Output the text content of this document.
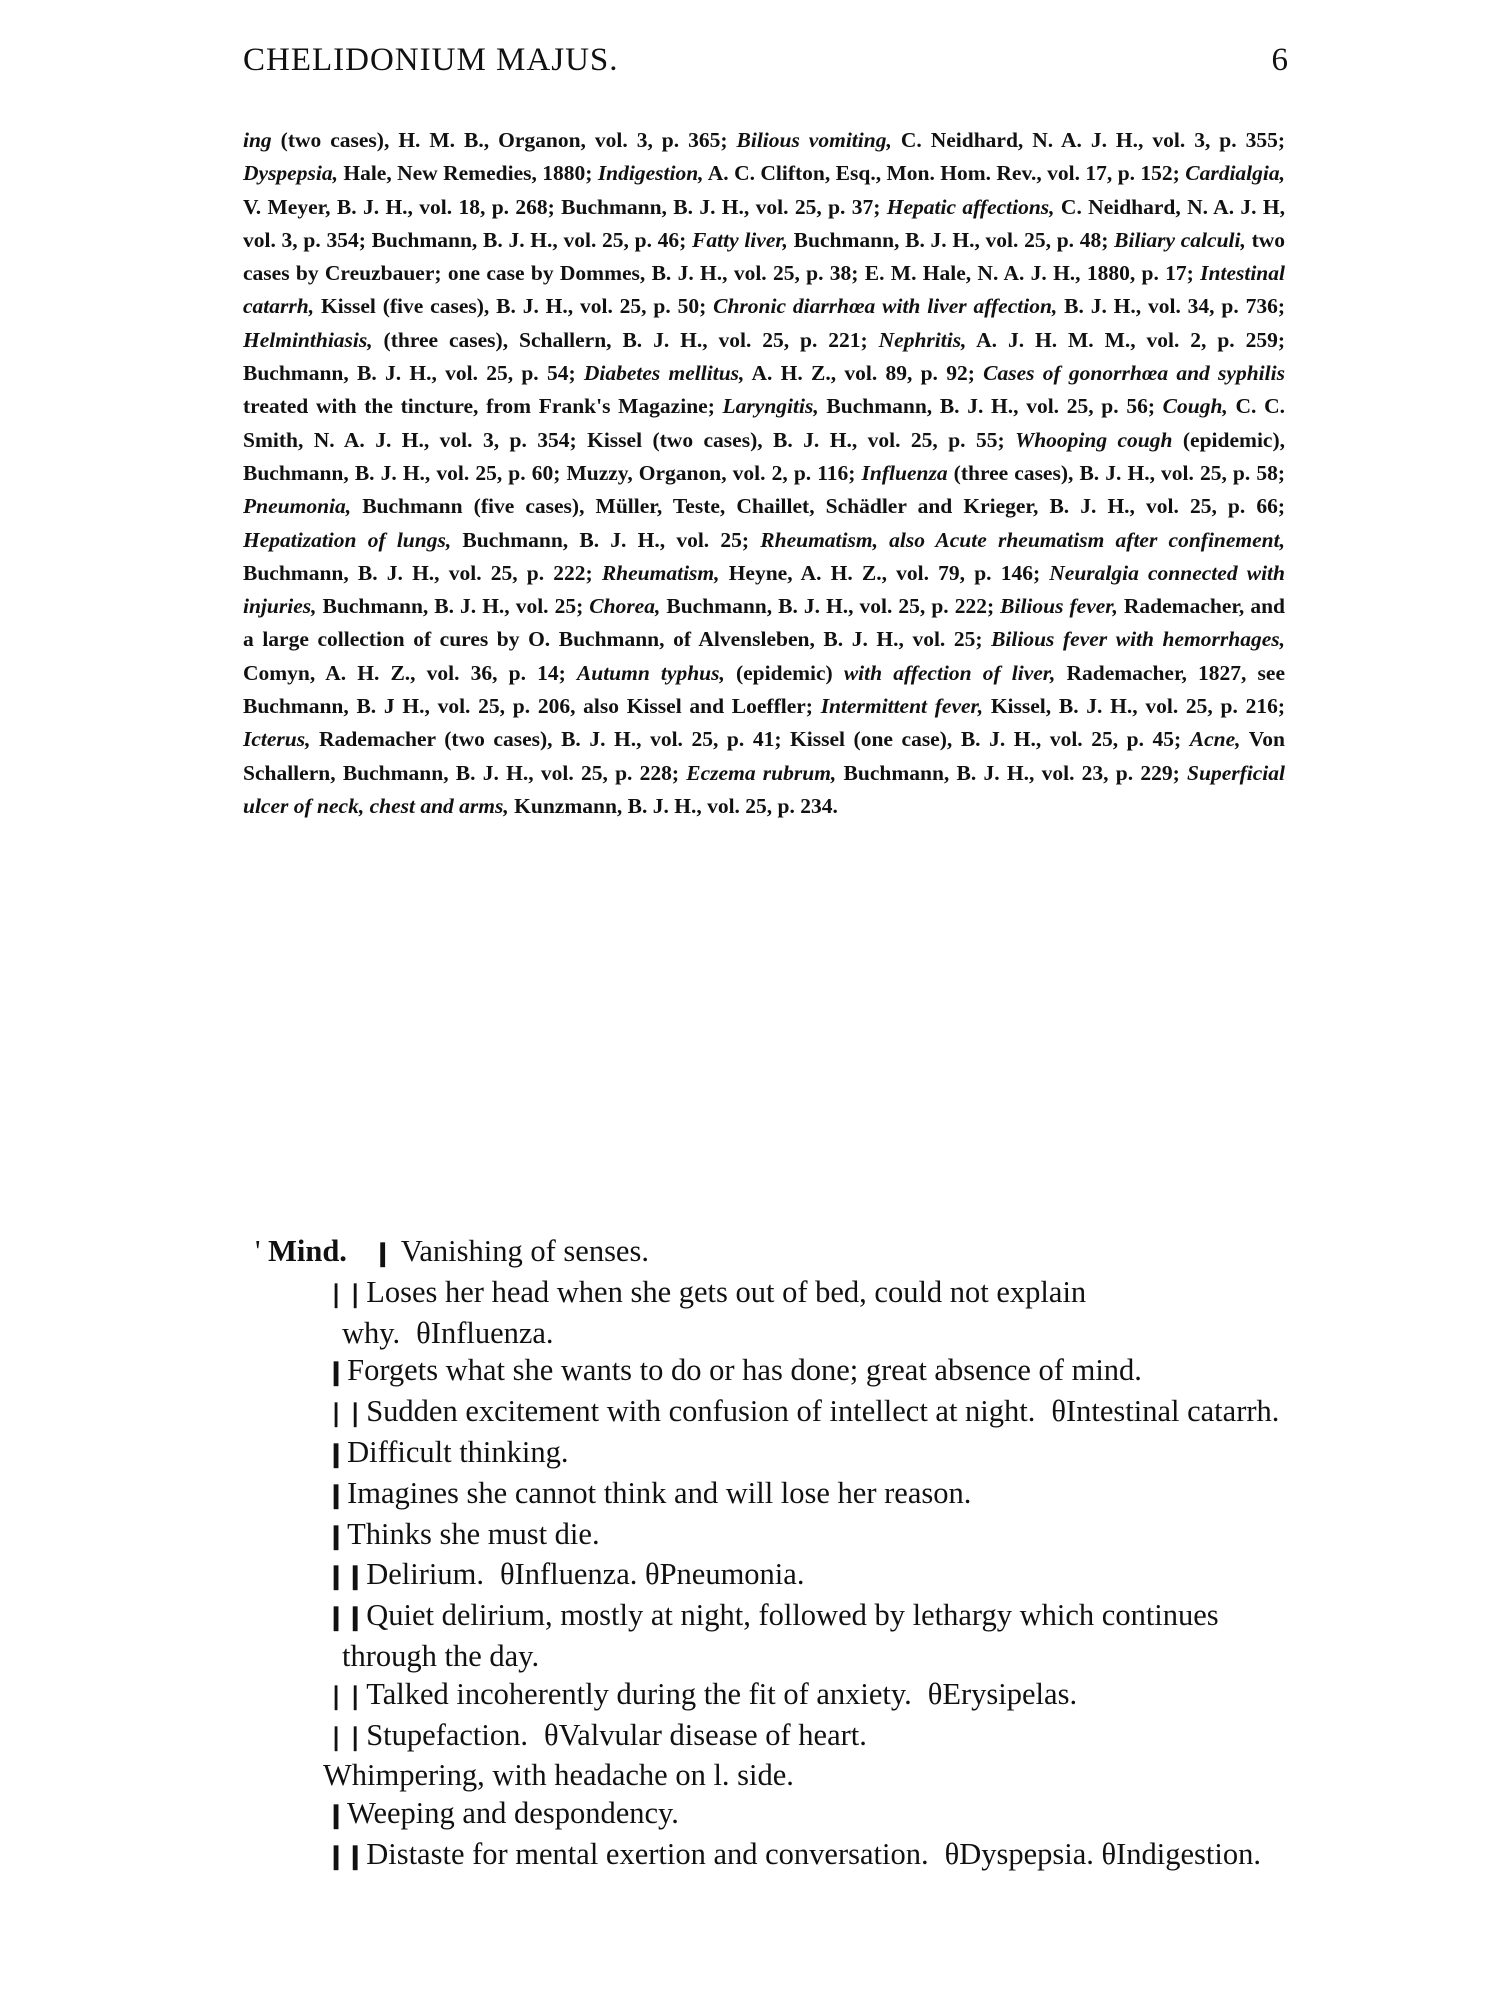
CHELIDONIUM MAJUS.	6
ing (two cases), H. M. B., Organon, vol. 3, p. 365; Bilious vomiting, C. Neidhard, N. A. J. H., vol. 3, p. 355; Dyspepsia, Hale, New Remedies, 1880; Indigestion, A. C. Clifton, Esq., Mon. Hom. Rev., vol. 17, p. 152; Cardialgia, V. Meyer, B. J. H., vol. 18, p. 268; Buchmann, B. J. H., vol. 25, p. 37; Hepatic affections, C. Neidhard, N. A. J. H, vol. 3, p. 354; Buchmann, B. J. H., vol. 25, p. 46; Fatty liver, Buchmann, B. J. H., vol. 25, p. 48; Biliary calculi, two cases by Creuzbauer; one case by Dommes, B. J. H., vol. 25, p. 38; E. M. Hale, N. A. J. H., 1880, p. 17; Intestinal catarrh, Kissel (five cases), B. J. H., vol. 25, p. 50; Chronic diarrhœa with liver affection, B. J. H., vol. 34, p. 736; Helminthiasis, (three cases), Schallern, B. J. H., vol. 25, p. 221; Nephritis, A. J. H. M. M., vol. 2, p. 259; Buchmann, B. J. H., vol. 25, p. 54; Diabetes mellitus, A. H. Z., vol. 89, p. 92; Cases of gonorrhœa and syphilis treated with the tincture, from Frank's Magazine; Laryngitis, Buchmann, B. J. H., vol. 25, p. 56; Cough, C. C. Smith, N. A. J. H., vol. 3, p. 354; Kissel (two cases), B. J. H., vol. 25, p. 55; Whooping cough (epidemic), Buchmann, B. J. H., vol. 25, p. 60; Muzzy, Organon, vol. 2, p. 116; Influenza (three cases), B. J. H., vol. 25, p. 58; Pneumonia, Buchmann (five cases), Müller, Teste, Chaillet, Schädler and Krieger, B. J. H., vol. 25, p. 66; Hepatization of lungs, Buchmann, B. J. H., vol. 25; Rheumatism, also Acute rheumatism after confinement, Buchmann, B. J. H., vol. 25, p. 222; Rheumatism, Heyne, A. H. Z., vol. 79, p. 146; Neuralgia connected with injuries, Buchmann, B. J. H., vol. 25; Chorea, Buchmann, B. J. H., vol. 25, p. 222; Bilious fever, Rademacher, and a large collection of cures by O. Buchmann, of Alvensleben, B. J. H., vol. 25; Bilious fever with hemorrhages, Comyn, A. H. Z., vol. 36, p. 14; Autumn typhus, (epidemic) with affection of liver, Rademacher, 1827, see Buchmann, B. J H., vol. 25, p. 206, also Kissel and Loeffler; Intermittent fever, Kissel, B. J. H., vol. 25, p. 216; Icterus, Rademacher (two cases), B. J. H., vol. 25, p. 41; Kissel (one case), B. J. H., vol. 25, p. 45; Acne, Von Schallern, Buchmann, B. J. H., vol. 25, p. 228; Eczema rubrum, Buchmann, B. J. H., vol. 23, p. 229; Superficial ulcer of neck, chest and arms, Kunzmann, B. J. H., vol. 25, p. 234.
' Mind. ❙ Vanishing of senses.
❘❘Loses her head when she gets out of bed, could not explain why. θInfluenza.
❙Forgets what she wants to do or has done; great absence of mind.
❘❘Sudden excitement with confusion of intellect at night. θIntestinal catarrh.
❙Difficult thinking.
❙Imagines she cannot think and will lose her reason.
❙Thinks she must die.
❙❙Delirium. θInfluenza. θPneumonia.
❙❙Quiet delirium, mostly at night, followed by lethargy which continues through the day.
❘❘Talked incoherently during the fit of anxiety. θErysipelas.
❘❘Stupefaction. θValvular disease of heart.
Whimpering, with headache on l. side.
❙Weeping and despondency.
❙❙Distaste for mental exertion and conversation. θDyspepsia. θIndigestion.
